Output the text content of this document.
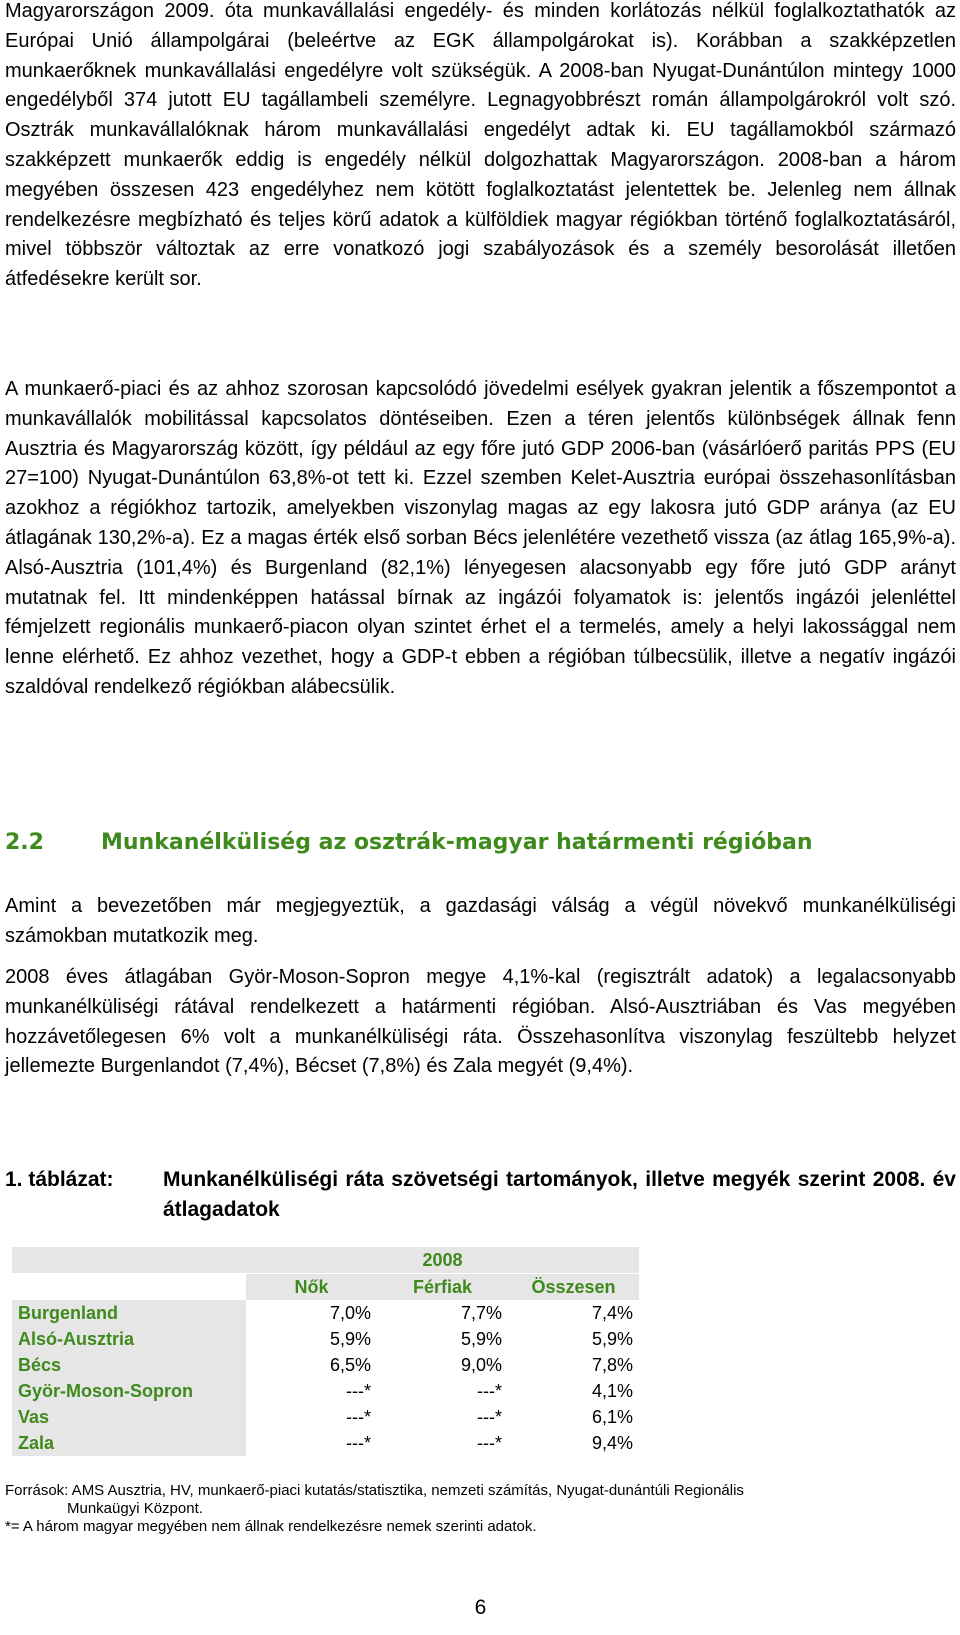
Magyarországon 2009. óta munkavállalási engedély- és minden korlátozás nélkül foglalkoztathatók az Európai Unió állampolgárai (beleértve az EGK állampolgárokat is). Korábban a szakképzetlen munkaerőknek munkavállalási engedélyre volt szükségük. A 2008-ban Nyugat-Dunántúlon mintegy 1000 engedélyből 374 jutott EU tagállambeli személyre. Legnagyobbrészt román állampolgárokról volt szó. Osztrák munkavállalóknak három munkavállalási engedélyt adtak ki. EU tagállamokból származó szakképzett munkaerők eddig is engedély nélkül dolgozhattak Magyarországon. 2008-ban a három megyében összesen 423 engedélyhez nem kötött foglalkoztatást jelentettek be. Jelenleg nem állnak rendelkezésre megbízható és teljes körű adatok a külföldiek magyar régiókban történő foglalkoztatásáról, mivel többször változtak az erre vonatkozó jogi szabályozások és a személy besorolását illetően átfedésekre került sor.

A munkaerő-piaci és az ahhoz szorosan kapcsolódó jövedelmi esélyek gyakran jelentik a főszempontot a munkavállalók mobilitással kapcsolatos döntéseiben. Ezen a téren jelentős különbségek állnak fenn Ausztria és Magyarország között, így például az egy főre jutó GDP 2006-ban (vásárlóerő paritás PPS (EU 27=100) Nyugat-Dunántúlon 63,8%-ot tett ki. Ezzel szemben Kelet-Ausztria európai összehasonlításban azokhoz a régiókhoz tartozik, amelyekben viszonylag magas az egy lakosra jutó GDP aránya (az EU átlagának 130,2%-a). Ez a magas érték első sorban Bécs jelenlétére vezethető vissza (az átlag 165,9%-a). Alsó-Ausztria (101,4%) és Burgenland (82,1%) lényegesen alacsonyabb egy főre jutó GDP arányt mutatnak fel. Itt mindenképpen hatással bírnak az ingázói folyamatok is: jelentős ingázói jelenléttel fémjelzett regionális munkaerő-piacon olyan szintet érhet el a termelés, amely a helyi lakossággal nem lenne elérhető. Ez ahhoz vezethet, hogy a GDP-t ebben a régióban túlbecsülik, illetve a negatív ingázói szaldóval rendelkező régiókban alábecsülik.

2.2	Munkanélküliség az osztrák-magyar határmenti régióban

Amint a bevezetőben már megjegyeztük, a gazdasági válság a végül növekvő munkanélküliségi számokban mutatkozik meg.

2008 éves átlagában Györ-Moson-Sopron megye 4,1%-kal (regisztrált adatok) a legalacsonyabb munkanélküliségi rátával rendelkezett a határmenti régióban. Alsó-Ausztriában és Vas megyében hozzávetőlegesen 6% volt a munkanélküliségi ráta. Összehasonlítva viszonylag feszültebb helyzet jellemezte Burgenlandot (7,4%), Bécset (7,8%) és Zala megyét (9,4%).

1. táblázat:	Munkanélküliségi ráta szövetségi tartományok, illetve megyék szerint 2008. év átlagadatok
	2008		

	Nők	Férfiak	Összesen
Burgenland	7,0%	7,7%	7,4%
Alsó-Ausztria	5,9%	5,9%	5,9%
Bécs	6,5%	9,0%	7,8%
Györ-Moson-Sopron	---*	---*	4,1%
Vas	---*	---*	6,1%
Zala	---*	---*	9,4%
Források: AMS Ausztria, HV, munkaerő-piaci kutatás/statisztika, nemzeti számítás, Nyugat-dunántúli Regionális
Munkaügyi Központ.
*= A három magyar megyében nem állnak rendelkezésre nemek szerinti adatok.
6
